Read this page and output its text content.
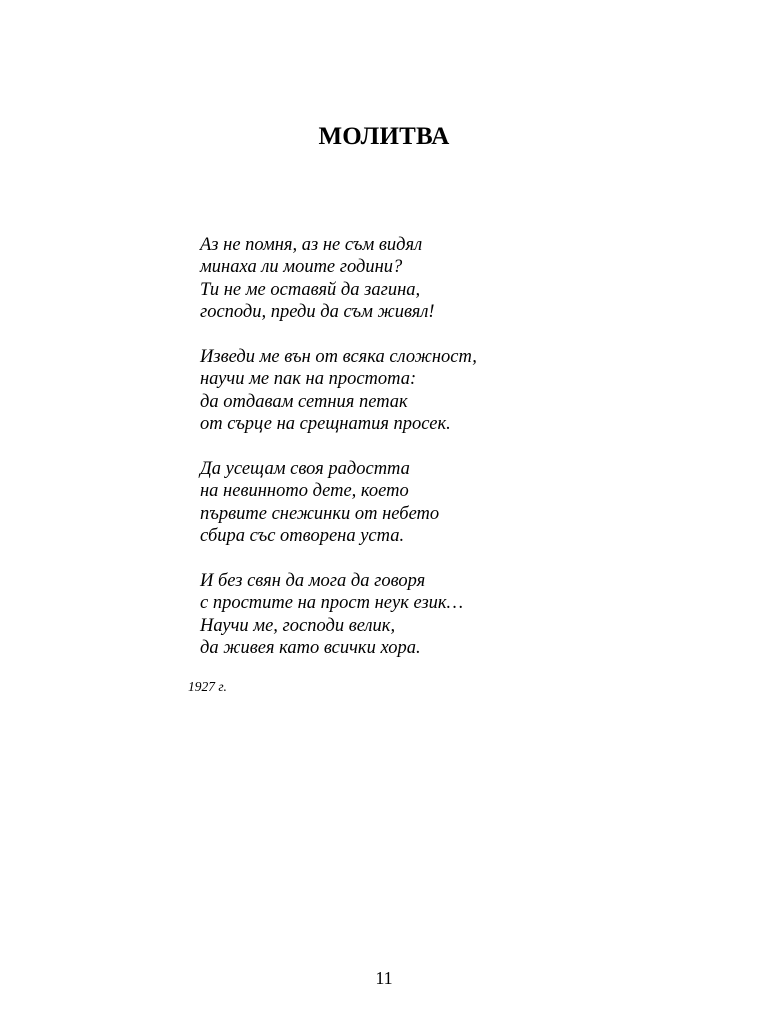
МОЛИТВА
Аз не помня, аз не съм видял
минаха ли моите години?
Ти не ме оставяй да загина,
господи, преди да съм живял!
Изведи ме вън от всяка сложност,
научи ме пак на простота:
да отдавам сетния петак
от сърце на срещнатия просек.
Да усещам своя радостта
на невинното дете, което
първите снежинки от небето
сбира със отворена уста.
И без свян да мога да говоря
с простите на прост неук език…
Научи ме, господи велик,
да живея като всички хора.
1927 г.
11
